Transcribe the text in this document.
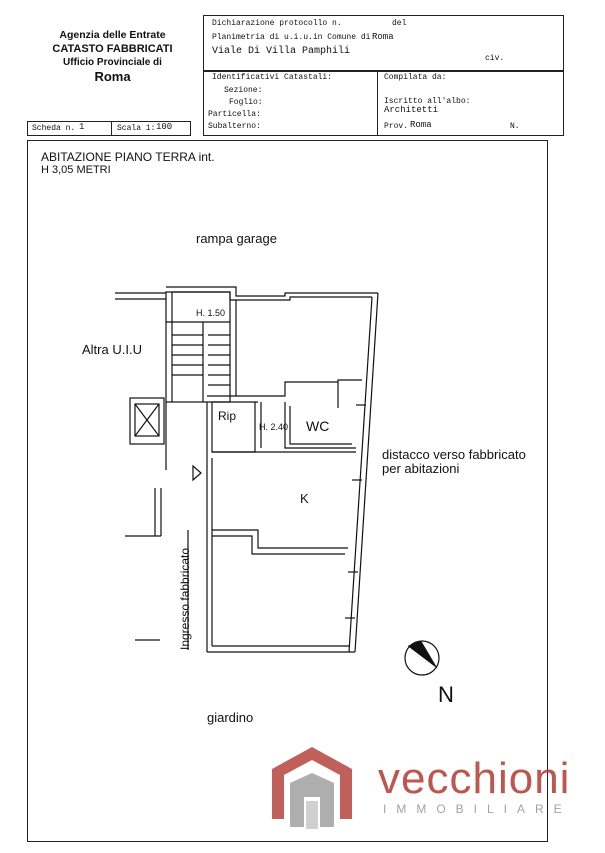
Agenzia delle Entrate
CATASTO FABBRICATI
Ufficio Provinciale di
Roma
Dichiarazione protocollo n.	del
Planimetria di u.i.u.in Comune di Roma
Viale Di Villa Pamphili
civ.
Identificativi Catastali:
Sezione:
Foglio:
Particella:
Subalterno:
Compilata da:
Iscritto all'albo:
Architetti
Prov. Roma	N.
Scheda n. 1	Scala 1: 100
ABITAZIONE PIANO TERRA int.
H 3,05 METRI
rampa garage
Altra U.I.U
H. 1.50
Rip
H. 2.40 WC
K
distacco verso fabbricato
per abitazioni
Ingresso fabbricato
giardino
N
vecchioni
IMMOBILIARE
